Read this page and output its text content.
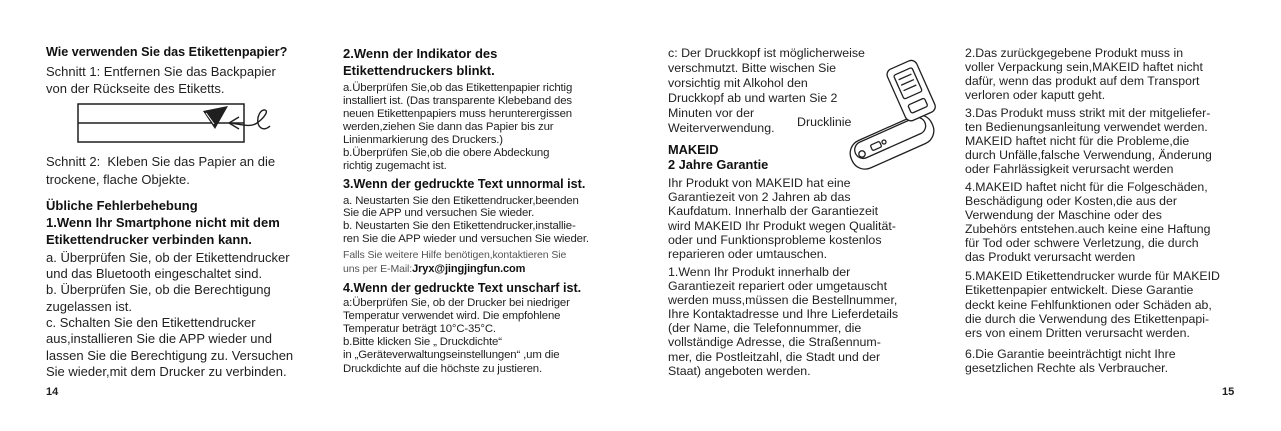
Wie verwenden Sie das Etikettenpapier?
Schnitt 1: Entfernen Sie das Backpapier
von der Rückseite des Etiketts.
Schnitt 2:  Kleben Sie das Papier an die
trockene, flache Objekte.
Übliche Fehlerbehebung
1.Wenn Ihr Smartphone nicht mit dem
Etikettendrucker verbinden kann.
a. Überprüfen Sie, ob der Etikettendrucker
und das Bluetooth eingeschaltet sind.
b. Überprüfen Sie, ob die Berechtigung
zugelassen ist.
c. Schalten Sie den Etikettendrucker
aus,installieren Sie die APP wieder und
lassen Sie die Berechtigung zu. Versuchen
Sie wieder,mit dem Drucker zu verbinden.
14
2.Wenn der Indikator des
Etikettendruckers blinkt.
a.Überprüfen Sie,ob das Etikettenpapier richtig
installiert ist. (Das transparente Klebeband des
neuen Etikettenpapiers muss herunterergissen
werden,ziehen Sie dann das Papier bis zur
Linienmarkierung des Druckers.)
b.Überprüfen Sie,ob die obere Abdeckung
richtig zugemacht ist.
3.Wenn der gedruckte Text unnormal ist.
a. Neustarten Sie den Etikettendrucker,beenden
Sie die APP und versuchen Sie wieder.
b. Neustarten Sie den Etikettendrucker,installie-
ren Sie die APP wieder und versuchen Sie wieder.
Falls Sie weitere Hilfe benötigen,kontaktieren Sie
uns per E-Mail:Jryx@jingjingfun.com
4.Wenn der gedruckte Text unscharf ist.
a:Überprüfen Sie, ob der Drucker bei niedriger
Temperatur verwendet wird. Die empfohlene
Temperatur beträgt 10°C-35°C.
b.Bitte klicken Sie „ Druckdichte“
in „Geräteverwaltungseinstellungen“ ,um die
Druckdichte auf die höchste zu justieren.
c: Der Druckkopf ist möglicherweise
verschmutzt. Bitte wischen Sie
vorsichtig mit Alkohol den
Druckkopf ab und warten Sie 2
Minuten vor der
Weiterverwendung.	Drucklinie
MAKEID
2 Jahre Garantie
Ihr Produkt von MAKEID hat eine
Garantiezeit von 2 Jahren ab das
Kaufdatum. Innerhalb der Garantiezeit
wird MAKEID Ihr Produkt wegen Qualität-
oder und Funktionsprobleme kostenlos
reparieren oder umtauschen.
1.Wenn Ihr Produkt innerhalb der
Garantiezeit repariert oder umgetauscht
werden muss,müssen die Bestellnummer,
Ihre Kontaktadresse und Ihre Lieferdetails
(der Name, die Telefonnummer, die
vollständige Adresse, die Straßennum-
mer, die Postleitzahl, die Stadt und der
Staat) angeboten werden.
2.Das zurückgegebene Produkt muss in
voller Verpackung sein,MAKEID haftet nicht
dafür, wenn das produkt auf dem Transport
verloren oder kaputt geht.
3.Das Produkt muss strikt mit der mitgeliefer-
ten Bedienungsanleitung verwendet werden.
MAKEID haftet nicht für die Probleme,die
durch Unfälle,falsche Verwendung, Änderung
oder Fahrlässigkeit verursacht werden
4.MAKEID haftet nicht für die Folgeschäden,
Beschädigung oder Kosten,die aus der
Verwendung der Maschine oder des
Zubehörs entstehen.auch keine eine Haftung
für Tod oder schwere Verletzung, die durch
das Produkt verursacht werden
5.MAKEID Etikettendrucker wurde für MAKEID
Etikettenpapier entwickelt. Diese Garantie
deckt keine Fehlfunktionen oder Schäden ab,
die durch die Verwendung des Etikettenpapi-
ers von einem Dritten verursacht werden.
6.Die Garantie beeinträchtigt nicht Ihre
gesetzlichen Rechte als Verbraucher.
15
